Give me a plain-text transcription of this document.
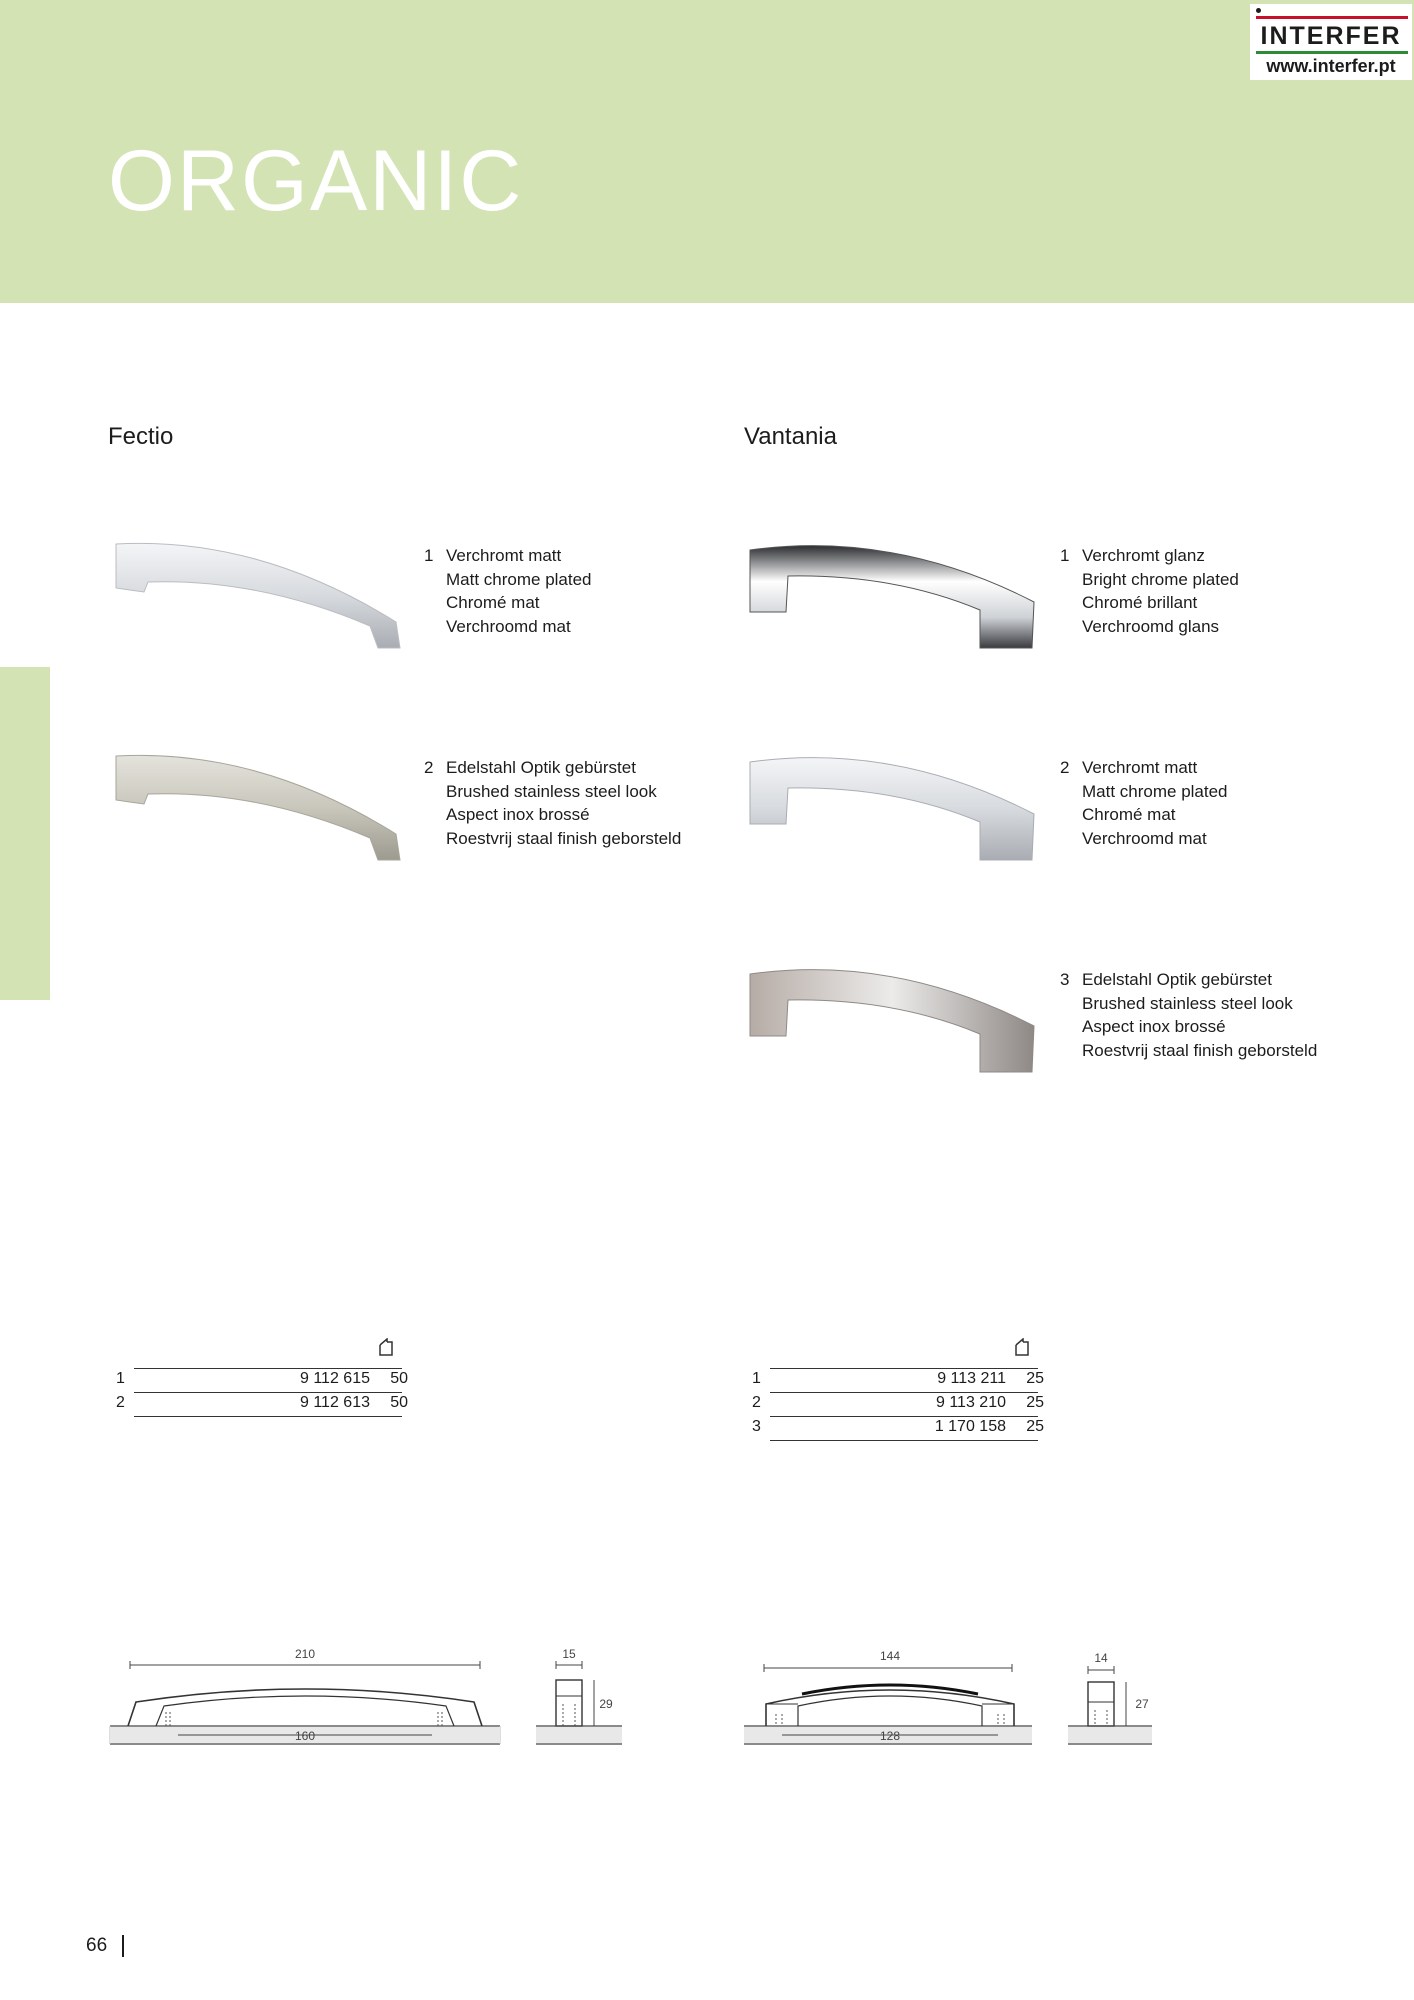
ORGANIC
INTERFER
www.interfer.pt
Fectio
1 Verchromt matt
Matt chrome plated
Chromé mat
Verchroomd mat
2 Edelstahl Optik gebürstet
Brushed stainless steel look
Aspect inox brossé
Roestvrij staal finish geborsteld
1	9 112 615 50
2	9 112 613 50
210
160
15
29
Vantania
1 Verchromt glanz
Bright chrome plated
Chromé brillant
Verchroomd glans
2 Verchromt matt
Matt chrome plated
Chromé mat
Verchroomd mat
3 Edelstahl Optik gebürstet
Brushed stainless steel look
Aspect inox brossé
Roestvrij staal finish geborsteld
1	9 113 211 25
2	9 113 210 25
3	1 170 158 25
144
128
14
27
66
